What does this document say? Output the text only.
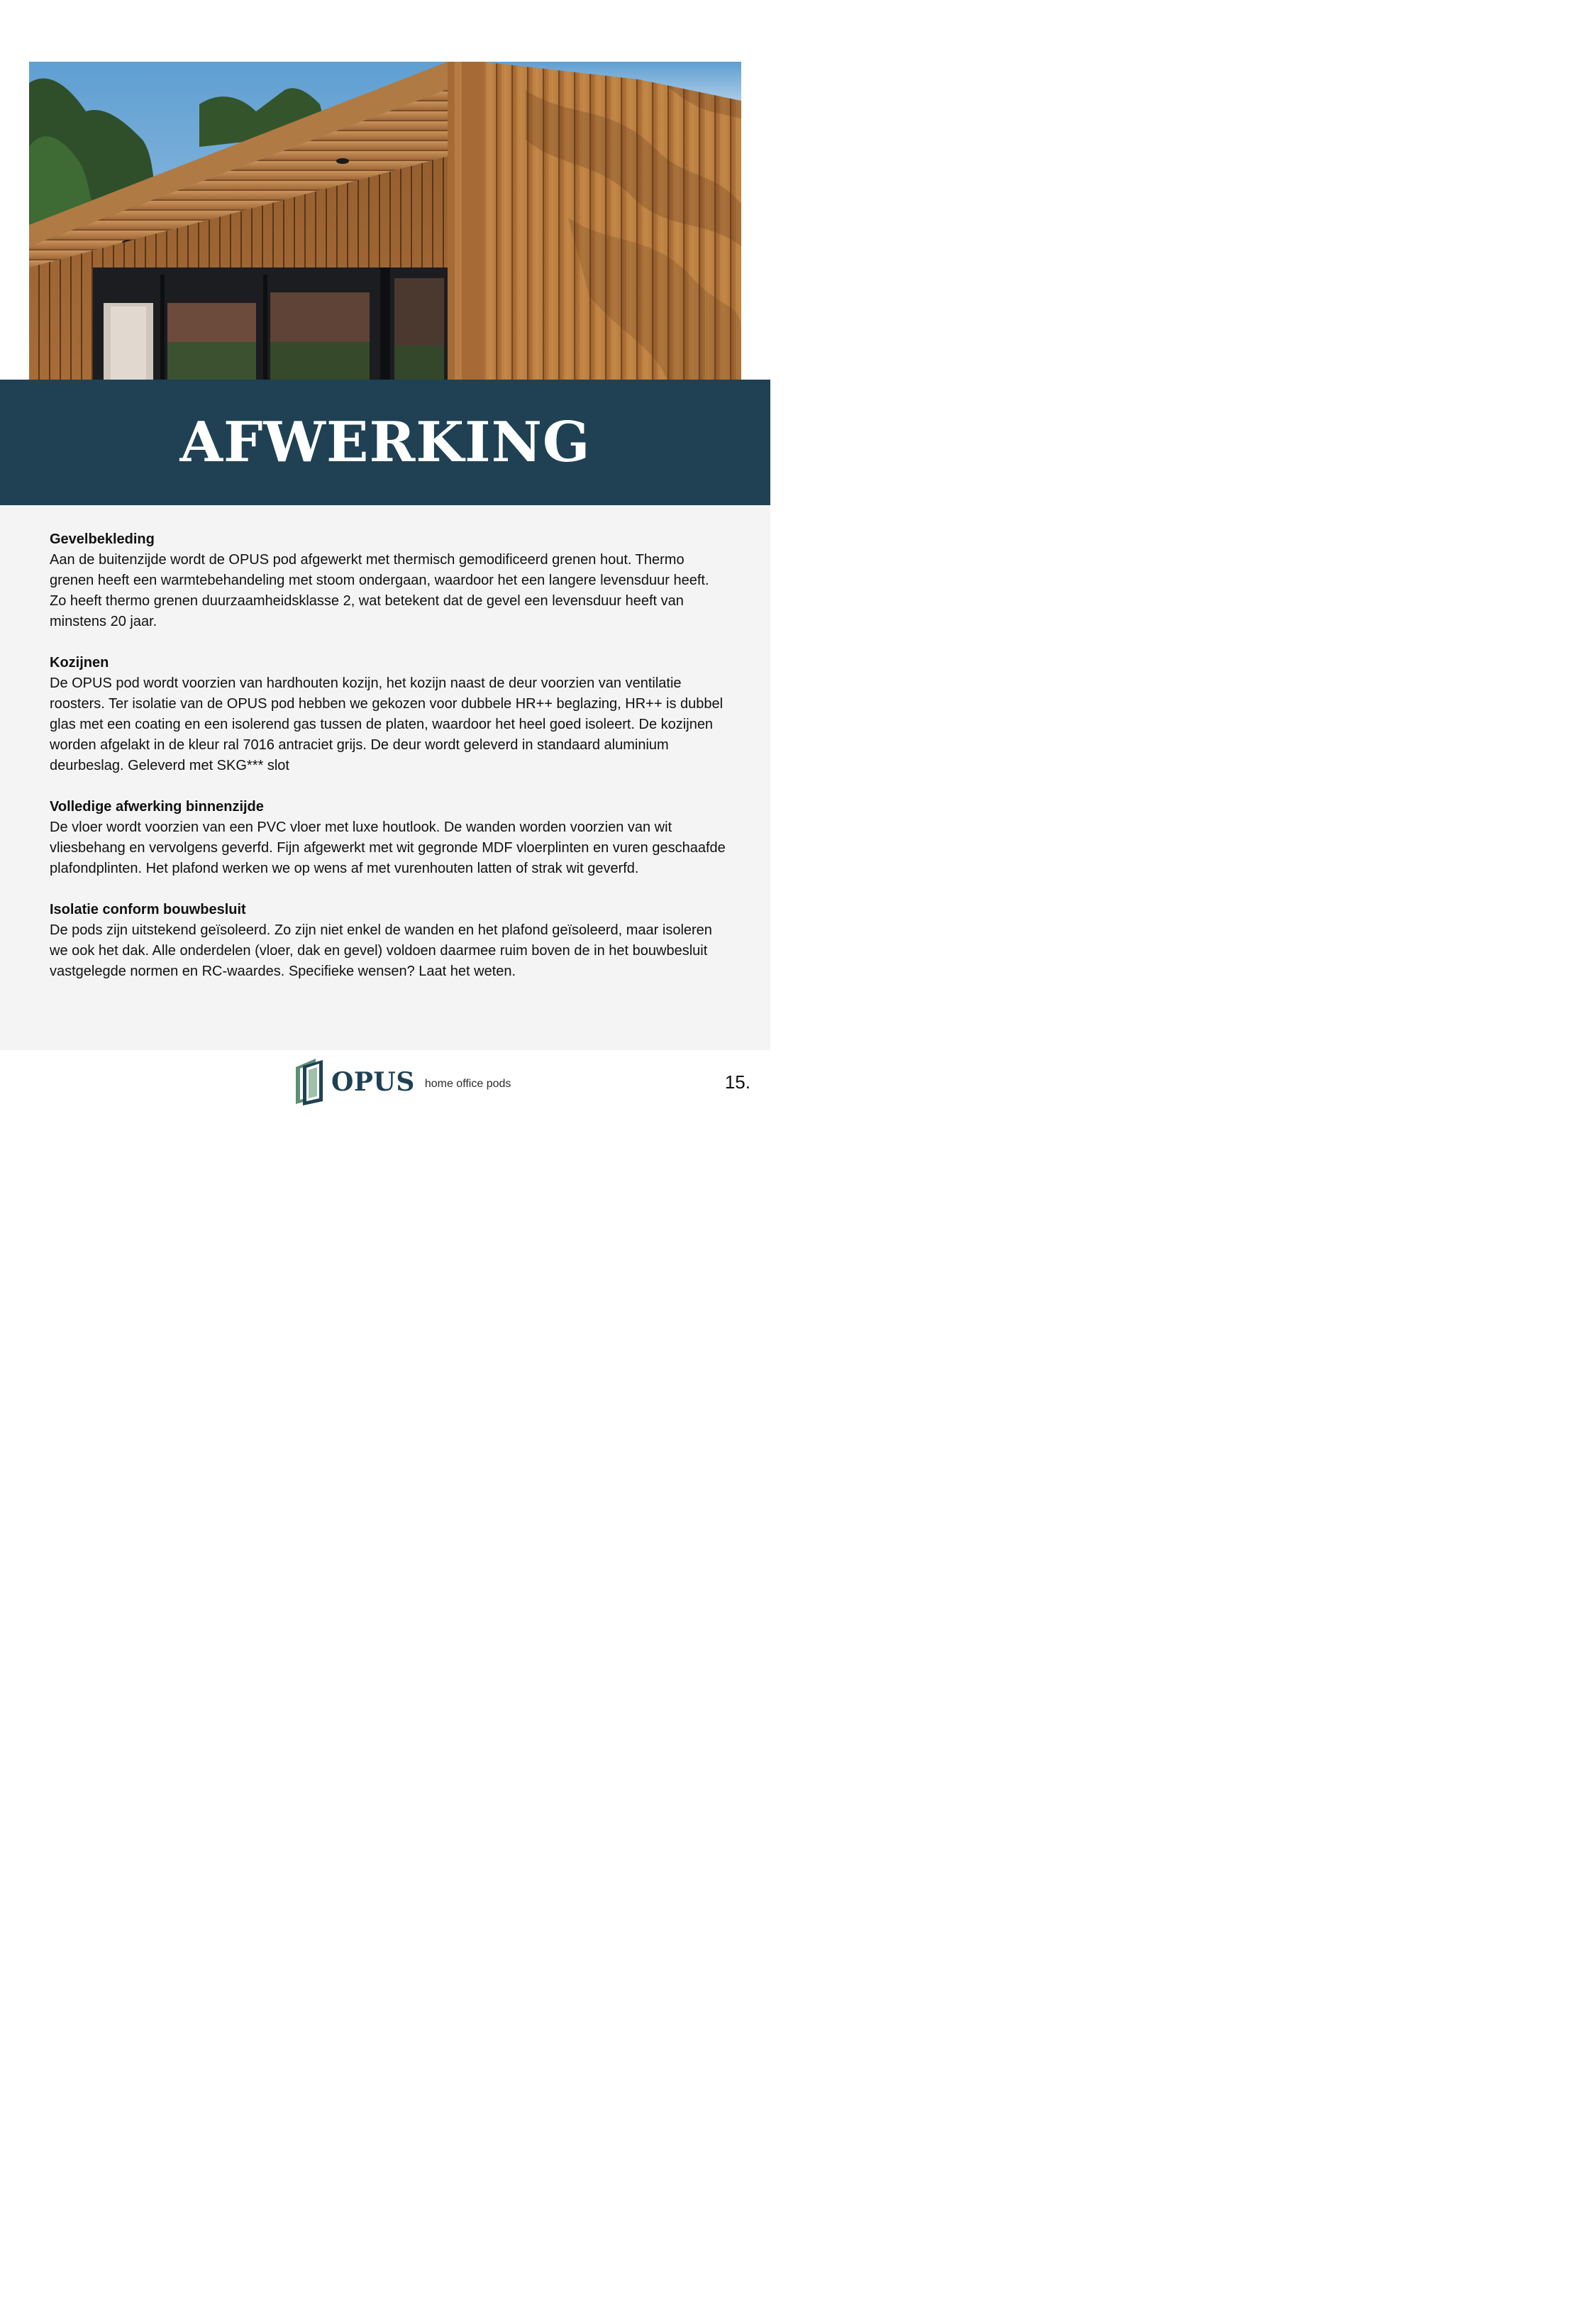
AFWERKING
Gevelbekleding

Aan de buitenzijde wordt de OPUS pod afgewerkt met thermisch gemodificeerd grenen hout. Thermo grenen heeft een warmtebehandeling met stoom ondergaan, waardoor het een langere levensduur heeft. Zo heeft thermo grenen duurzaamheidsklasse 2, wat betekent dat de gevel een levensduur heeft van minstens 20 jaar.

Kozijnen

De OPUS pod wordt voorzien van hardhouten kozijn, het kozijn naast de deur voorzien van ventilatie roosters. Ter isolatie van de OPUS pod hebben we gekozen voor dubbele HR++ beglazing, HR++ is dubbel glas met een coating en een isolerend gas tussen de platen, waardoor het heel goed isoleert. De kozijnen worden afgelakt in de kleur ral 7016 antraciet grijs. De deur wordt geleverd in standaard aluminium deurbeslag. Geleverd met SKG*** slot

Volledige afwerking binnenzijde

De vloer wordt voorzien van een PVC vloer met luxe houtlook. De wanden worden voorzien van wit vliesbehang en vervolgens geverfd. Fijn afgewerkt met wit gegronde MDF vloerplinten en vuren geschaafde plafondplinten. Het plafond werken we op wens af met vurenhouten latten of strak wit geverfd.

Isolatie conform bouwbesluit

De pods zijn uitstekend geïsoleerd. Zo zijn niet enkel de wanden en het plafond geïsoleerd, maar isoleren we ook het dak. Alle onderdelen (vloer, dak en gevel) voldoen daarmee ruim boven de in het bouwbesluit vastgelegde normen en RC-waardes. Specifieke wensen? Laat het weten.

OPUS home office pods	15.
